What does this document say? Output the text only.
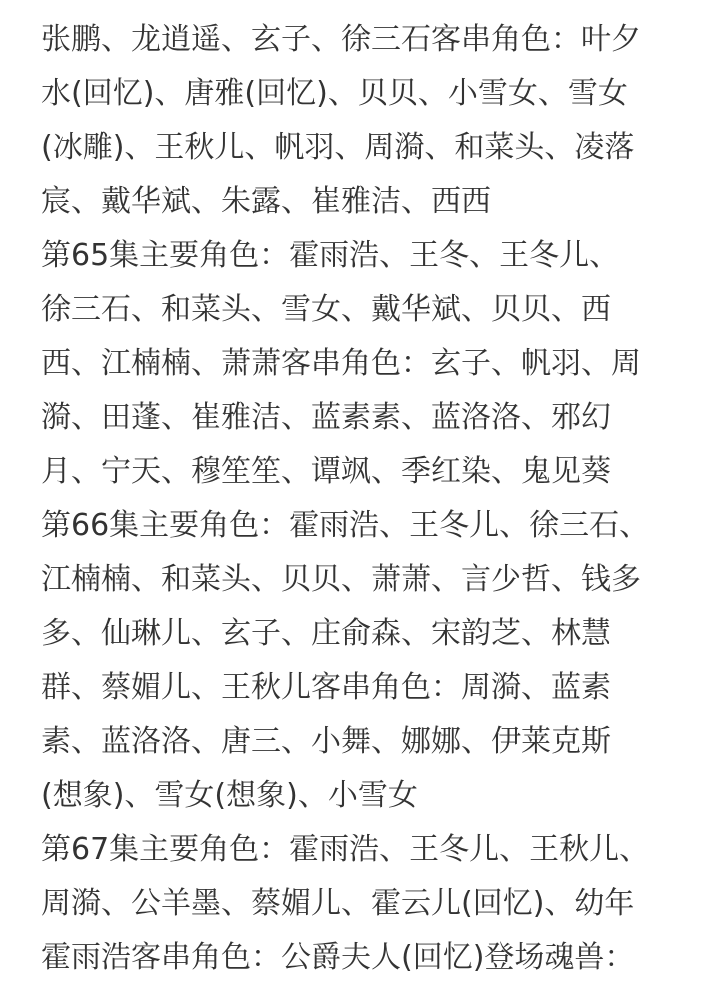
张鹏、龙逍遥、玄子、徐三石客串角色：叶夕
水(回忆)、唐雅(回忆)、贝贝、小雪女、雪女
(冰雕)、王秋儿、帆羽、周漪、和菜头、凌落
宸、戴华斌、朱露、崔雅洁、西西
第65集主要角色：霍雨浩、王冬、王冬儿、
徐三石、和菜头、雪女、戴华斌、贝贝、西
西、江楠楠、萧萧客串角色：玄子、帆羽、周
漪、田蓬、崔雅洁、蓝素素、蓝洛洛、邪幻
月、宁天、穆笙笙、谭飒、季红染、鬼见葵
第66集主要角色：霍雨浩、王冬儿、徐三石、
江楠楠、和菜头、贝贝、萧萧、言少哲、钱多
多、仙琳儿、玄子、庄俞森、宋韵芝、林慧
群、蔡媚儿、王秋儿客串角色：周漪、蓝素
素、蓝洛洛、唐三、小舞、娜娜、伊莱克斯
(想象)、雪女(想象)、小雪女
第67集主要角色：霍雨浩、王冬儿、王秋儿、
周漪、公羊墨、蔡媚儿、霍云儿(回忆)、幼年
霍雨浩客串角色：公爵夫人(回忆)登场魂兽：
